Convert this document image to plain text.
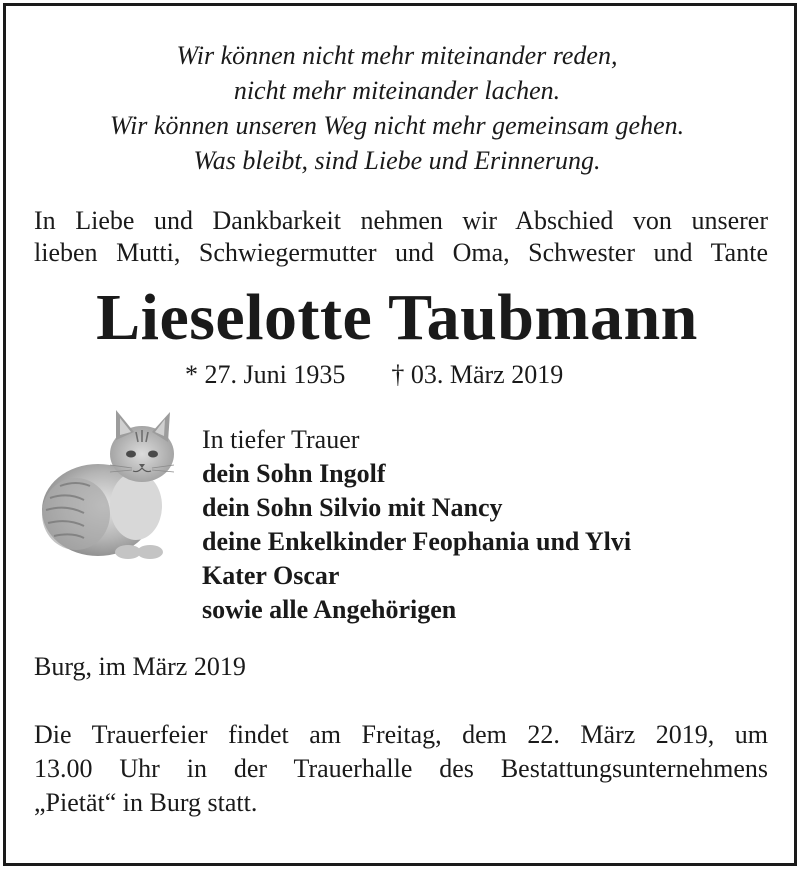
Wir können nicht mehr miteinander reden,
nicht mehr miteinander lachen.
Wir können unseren Weg nicht mehr gemeinsam gehen.
Was bleibt, sind Liebe und Erinnerung.
In Liebe und Dankbarkeit nehmen wir Abschied von unserer
lieben Mutti, Schwiegermutter und Oma, Schwester und Tante
Lieselotte Taubmann
* 27. Juni 1935 † 03. März 2019
In tiefer Trauer
dein Sohn Ingolf
dein Sohn Silvio mit Nancy
deine Enkelkinder Feophania und Ylvi
Kater Oscar
sowie alle Angehörigen
Burg, im März 2019
Die Trauerfeier findet am Freitag, dem 22. März 2019, um
13.00 Uhr in der Trauerhalle des Bestattungsunternehmens
„Pietät“ in Burg statt.
